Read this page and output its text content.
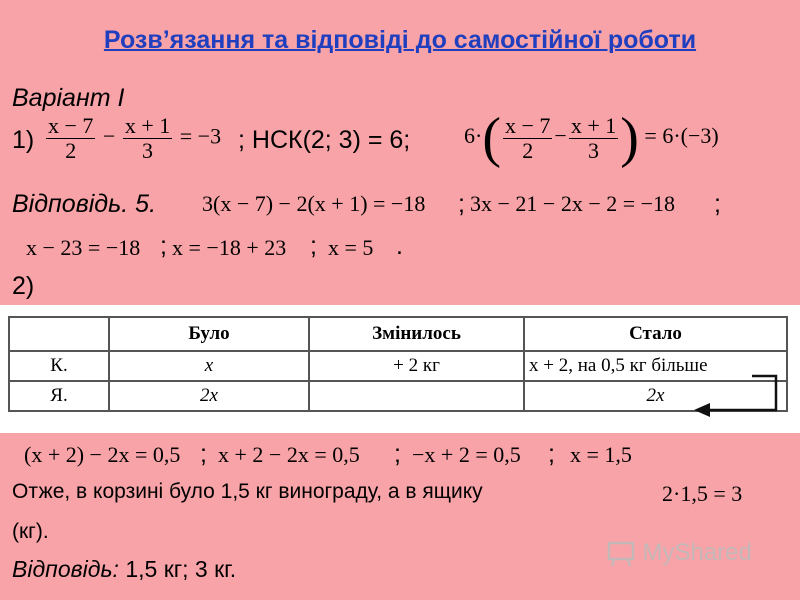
Розв’язання та відповіді до самостійної роботи
Варіант І
$1) \frac{x - 7}{2} - \frac{x + 1}{3} = -3$ ; НСК(2; 3) = 6; $6\cdot( \frac{x - 7}{2} - \frac{x + 1}{3}$ ) = 6·(−3)
Відповідь. 5. 3(x − 7) − 2(x + 1) = −18 ; 3x − 21 − 2x − 2 = −18 ;
x − 23 = −18 ; x = −18 + 23 ; x = 5 .
2)
	Було	Змінилось	Стало
К.	x	+ 2 кг	x + 2, на 0,5 кг більше
Я.	2x		2x
(x + 2) − 2x = 0,5 ; x + 2 − 2x = 0,5 ; −x + 2 = 0,5 ; x = 1,5
Отже, в корзині було 1,5 кг винограду, а в ящику	2·1,5 = 3
(кг).
Відповідь: 1,5 кг; 3 кг.
MyShared
